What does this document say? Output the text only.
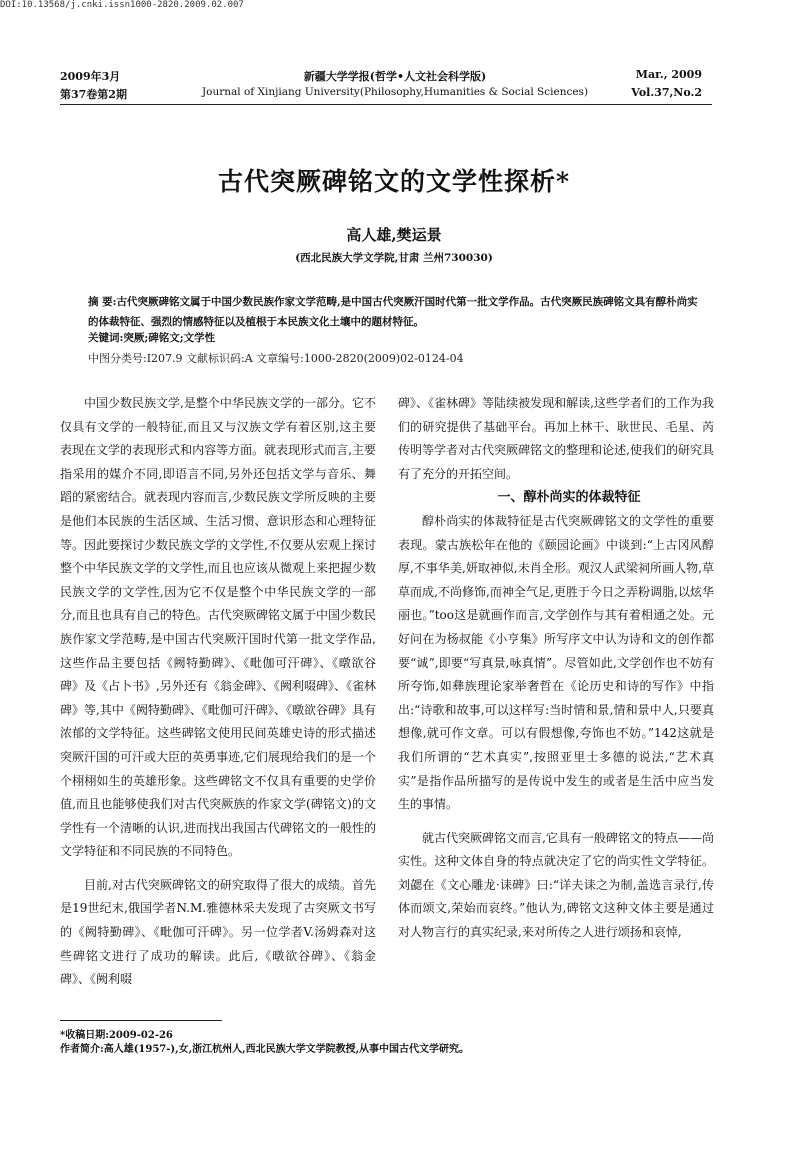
DOI:10.13568/j.cnki.issn1000-2820.2009.02.007
2009年3月
第37卷第2期
新疆大学学报(哲学•人文社会科学版)
Journal of Xinjiang University(Philosophy,Humanities & Social Sciences)
Mar., 2009
Vol.37,No.2
古代突厥碑铭文的文学性探析*
高人雄,樊运景
(西北民族大学文学院,甘肃 兰州730030)
摘 要:古代突厥碑铭文属于中国少数民族作家文学范畴,是中国古代突厥汗国时代第一批文学作品。古代突厥民族碑铭文具有醇朴尚实的体裁特征、强烈的情感特征以及植根于本民族文化土壤中的题材特征。
关键词:突厥;碑铭文;文学性
中图分类号:I207.9 文献标识码:A 文章编号:1000-2820(2009)02-0124-04

中国少数民族文学,是整个中华民族文学的一部分。它不仅具有文学的一般特征,而且又与汉族文学有着区别,这主要表现在文学的表现形式和内容等方面。就表现形式而言,主要指采用的媒介不同,即语言不同,另外还包括文学与音乐、舞蹈的紧密结合。就表现内容而言,少数民族文学所反映的主要是他们本民族的生活区域、生活习惯、意识形态和心理特征等。因此要探讨少数民族文学的文学性,不仅要从宏观上探讨整个中华民族文学的文学性,而且也应该从微观上来把握少数民族文学的文学性,因为它不仅是整个中华民族文学的一部分,而且也具有自己的特色。古代突厥碑铭文属于中国少数民族作家文学范畴,是中国古代突厥汗国时代第一批文学作品,这些作品主要包括《阙特勤碑》、《毗伽可汗碑》、《暾欲谷碑》及《占卜书》,另外还有《翁金碑》、《阙利啜碑》、《雀林碑》等,其中《阙特勤碑》、《毗伽可汗碑》、《暾欲谷碑》具有浓郁的文学特征。这些碑铭文使用民间英雄史诗的形式描述突厥汗国的可汗或大臣的英勇事迹,它们展现给我们的是一个个栩栩如生的英雄形象。这些碑铭文不仅具有重要的史学价值,而且也能够使我们对古代突厥族的作家文学(碑铭文)的文学性有一个清晰的认识,进而找出我国古代碑铭文的一般性的文学特征和不同民族的不同特色。

目前,对古代突厥碑铭文的研究取得了很大的成绩。首先是19世纪末,俄国学者N.M.雅德林采夫发现了古突厥文书写的《阙特勤碑》、《毗伽可汗碑》。另一位学者V.汤姆森对这些碑铭文进行了成功的解读。此后,《暾欲谷碑》、《翁金碑》、《阙利啜

碑》、《雀林碑》等陆续被发现和解读,这些学者们的工作为我们的研究提供了基础平台。再加上林干、耿世民、毛星、芮传明等学者对古代突厥碑铭文的整理和论述,使我们的研究具有了充分的开拓空间。

一、醇朴尚实的体裁特征

醇朴尚实的体裁特征是古代突厥碑铭文的文学性的重要表现。蒙古族松年在他的《颐园论画》中谈到:“上古冈风醇厚,不事华美,妍取神似,未肖全形。观汉人武梁祠所画人物,草草而成,不尚修饰,而神全气足,更胜于今日之弄粉调脂,以炫华丽也。”too这是就画作而言,文学创作与其有着相通之处。元好问在为杨叔能《小亨集》所写序文中认为诗和文的创作都要“诚”,即要“写真景,咏真情”。尽管如此,文学创作也不妨有所夸饰,如彝族理论家举奢哲在《论历史和诗的写作》中指出:“诗歌和故事,可以这样写:当时情和景,情和景中人,只要真想像,就可作文章。可以有假想像,夸饰也不妨。”142这就是我们所谓的“艺术真实”,按照亚里士多德的说法,“艺术真实”是指作品所描写的是传说中发生的或者是生活中应当发生的事情。

就古代突厥碑铭文而言,它具有一般碑铭文的特点——尚实性。这种文体自身的特点就决定了它的尚实性文学特征。刘勰在《文心雕龙·诔碑》曰:“详夫诔之为制,盖选言录行,传体而颂文,荣始而哀终。”他认为,碑铭文这种文体主要是通过对人物言行的真实纪录,来对所传之人进行颂扬和哀悼,

*收稿日期:2009-02-26
作者简介:高人雄(1957-),女,浙江杭州人,西北民族大学文学院教授,从事中国古代文学研究。
